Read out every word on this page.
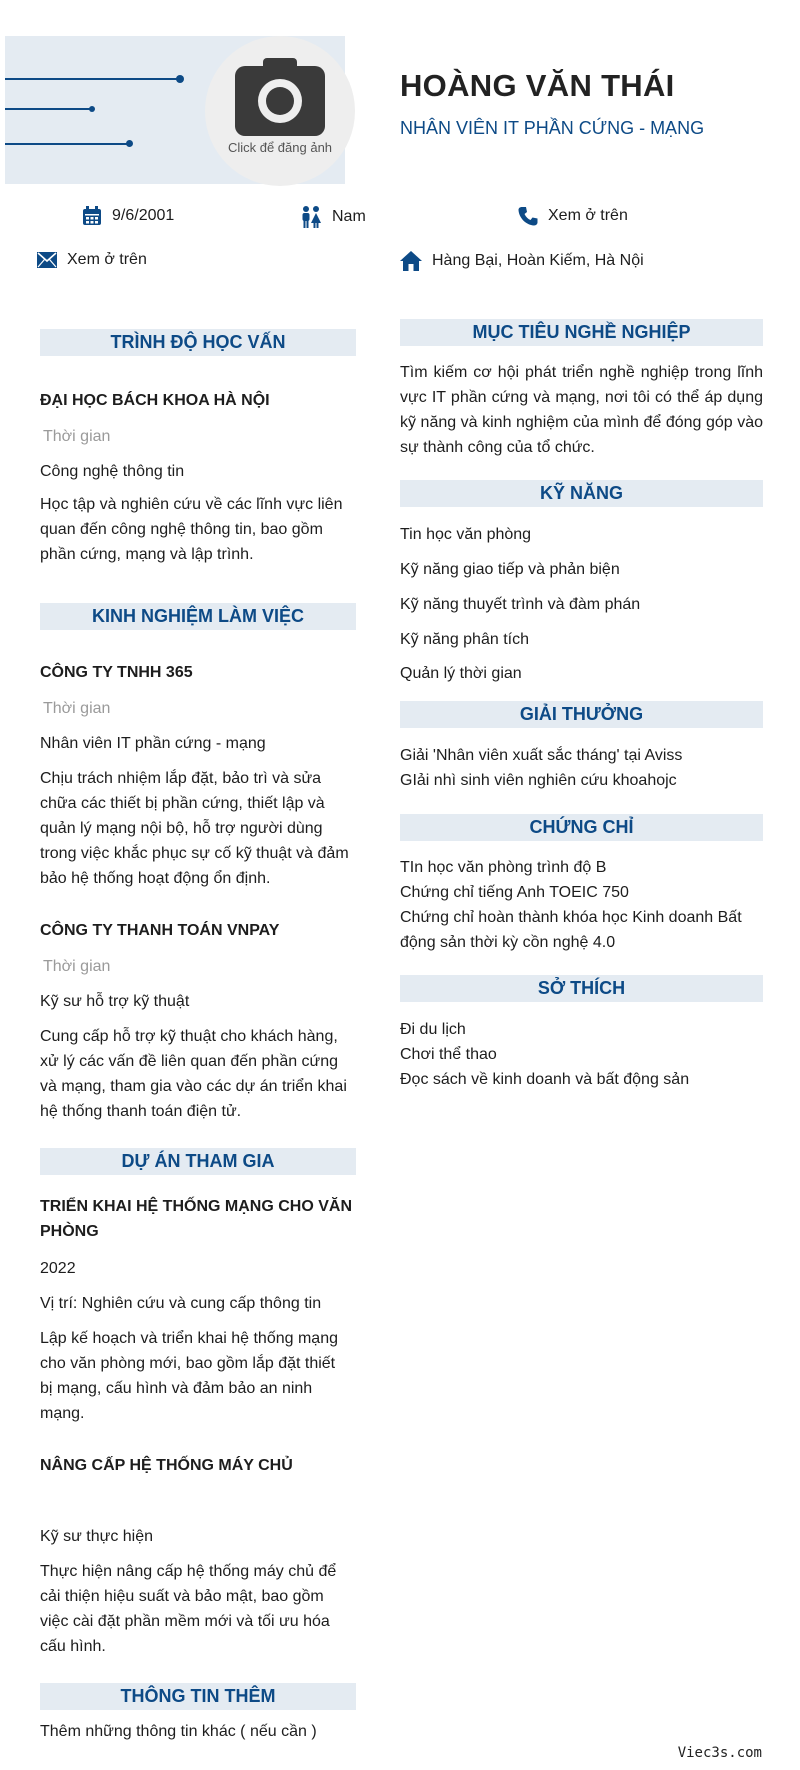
Click để đăng ảnh
HOÀNG VĂN THÁI
NHÂN VIÊN IT PHẦN CỨNG - MẠNG
9/6/2001	Nam	Xem ở trên
Xem ở trên	Hàng Bại, Hoàn Kiếm, Hà Nội
TRÌNH ĐỘ HỌC VẤN
ĐẠI HỌC BÁCH KHOA HÀ NỘI
Thời gian
Công nghệ thông tin
Học tập và nghiên cứu về các lĩnh vực liên quan đến công nghệ thông tin, bao gồm phần cứng, mạng và lập trình.
KINH NGHIỆM LÀM VIỆC
CÔNG TY TNHH 365
Thời gian
Nhân viên IT phần cứng - mạng
Chịu trách nhiệm lắp đặt, bảo trì và sửa chữa các thiết bị phần cứng, thiết lập và quản lý mạng nội bộ, hỗ trợ người dùng trong việc khắc phục sự cố kỹ thuật và đảm bảo hệ thống hoạt động ổn định.
CÔNG TY THANH TOÁN VNPAY
Thời gian
Kỹ sư hỗ trợ kỹ thuật
Cung cấp hỗ trợ kỹ thuật cho khách hàng, xử lý các vấn đề liên quan đến phần cứng và mạng, tham gia vào các dự án triển khai hệ thống thanh toán điện tử.
DỰ ÁN THAM GIA
TRIỂN KHAI HỆ THỐNG MẠNG CHO VĂN PHÒNG
2022
Vị trí: Nghiên cứu và cung cấp thông tin
Lập kế hoạch và triển khai hệ thống mạng cho văn phòng mới, bao gồm lắp đặt thiết bị mạng, cấu hình và đảm bảo an ninh mạng.
NÂNG CẤP HỆ THỐNG MÁY CHỦ
Kỹ sư thực hiện
Thực hiện nâng cấp hệ thống máy chủ để cải thiện hiệu suất và bảo mật, bao gồm việc cài đặt phần mềm mới và tối ưu hóa cấu hình.
THÔNG TIN THÊM
Thêm những thông tin khác ( nếu cần )
MỤC TIÊU NGHỀ NGHIỆP
Tìm kiếm cơ hội phát triển nghề nghiệp trong lĩnh vực IT phần cứng và mạng, nơi tôi có thể áp dụng kỹ năng và kinh nghiệm của mình để đóng góp vào sự thành công của tổ chức.
KỸ NĂNG
Tin học văn phòng
Kỹ năng giao tiếp và phản biện
Kỹ năng thuyết trình và đàm phán
Kỹ năng phân tích
Quản lý thời gian
GIẢI THƯỞNG
Giải 'Nhân viên xuất sắc tháng' tại Aviss
GIải nhì sinh viên nghiên cứu khoahojc
CHỨNG CHỈ
TIn học văn phòng trình độ B
Chứng chỉ tiếng Anh TOEIC 750
Chứng chỉ hoàn thành khóa học Kinh doanh Bất động sản thời kỳ cồn nghệ 4.0
SỞ THÍCH
Đi du lịch
Chơi thể thao
Đọc sách về kinh doanh và bất động sản
Viec3s.com
